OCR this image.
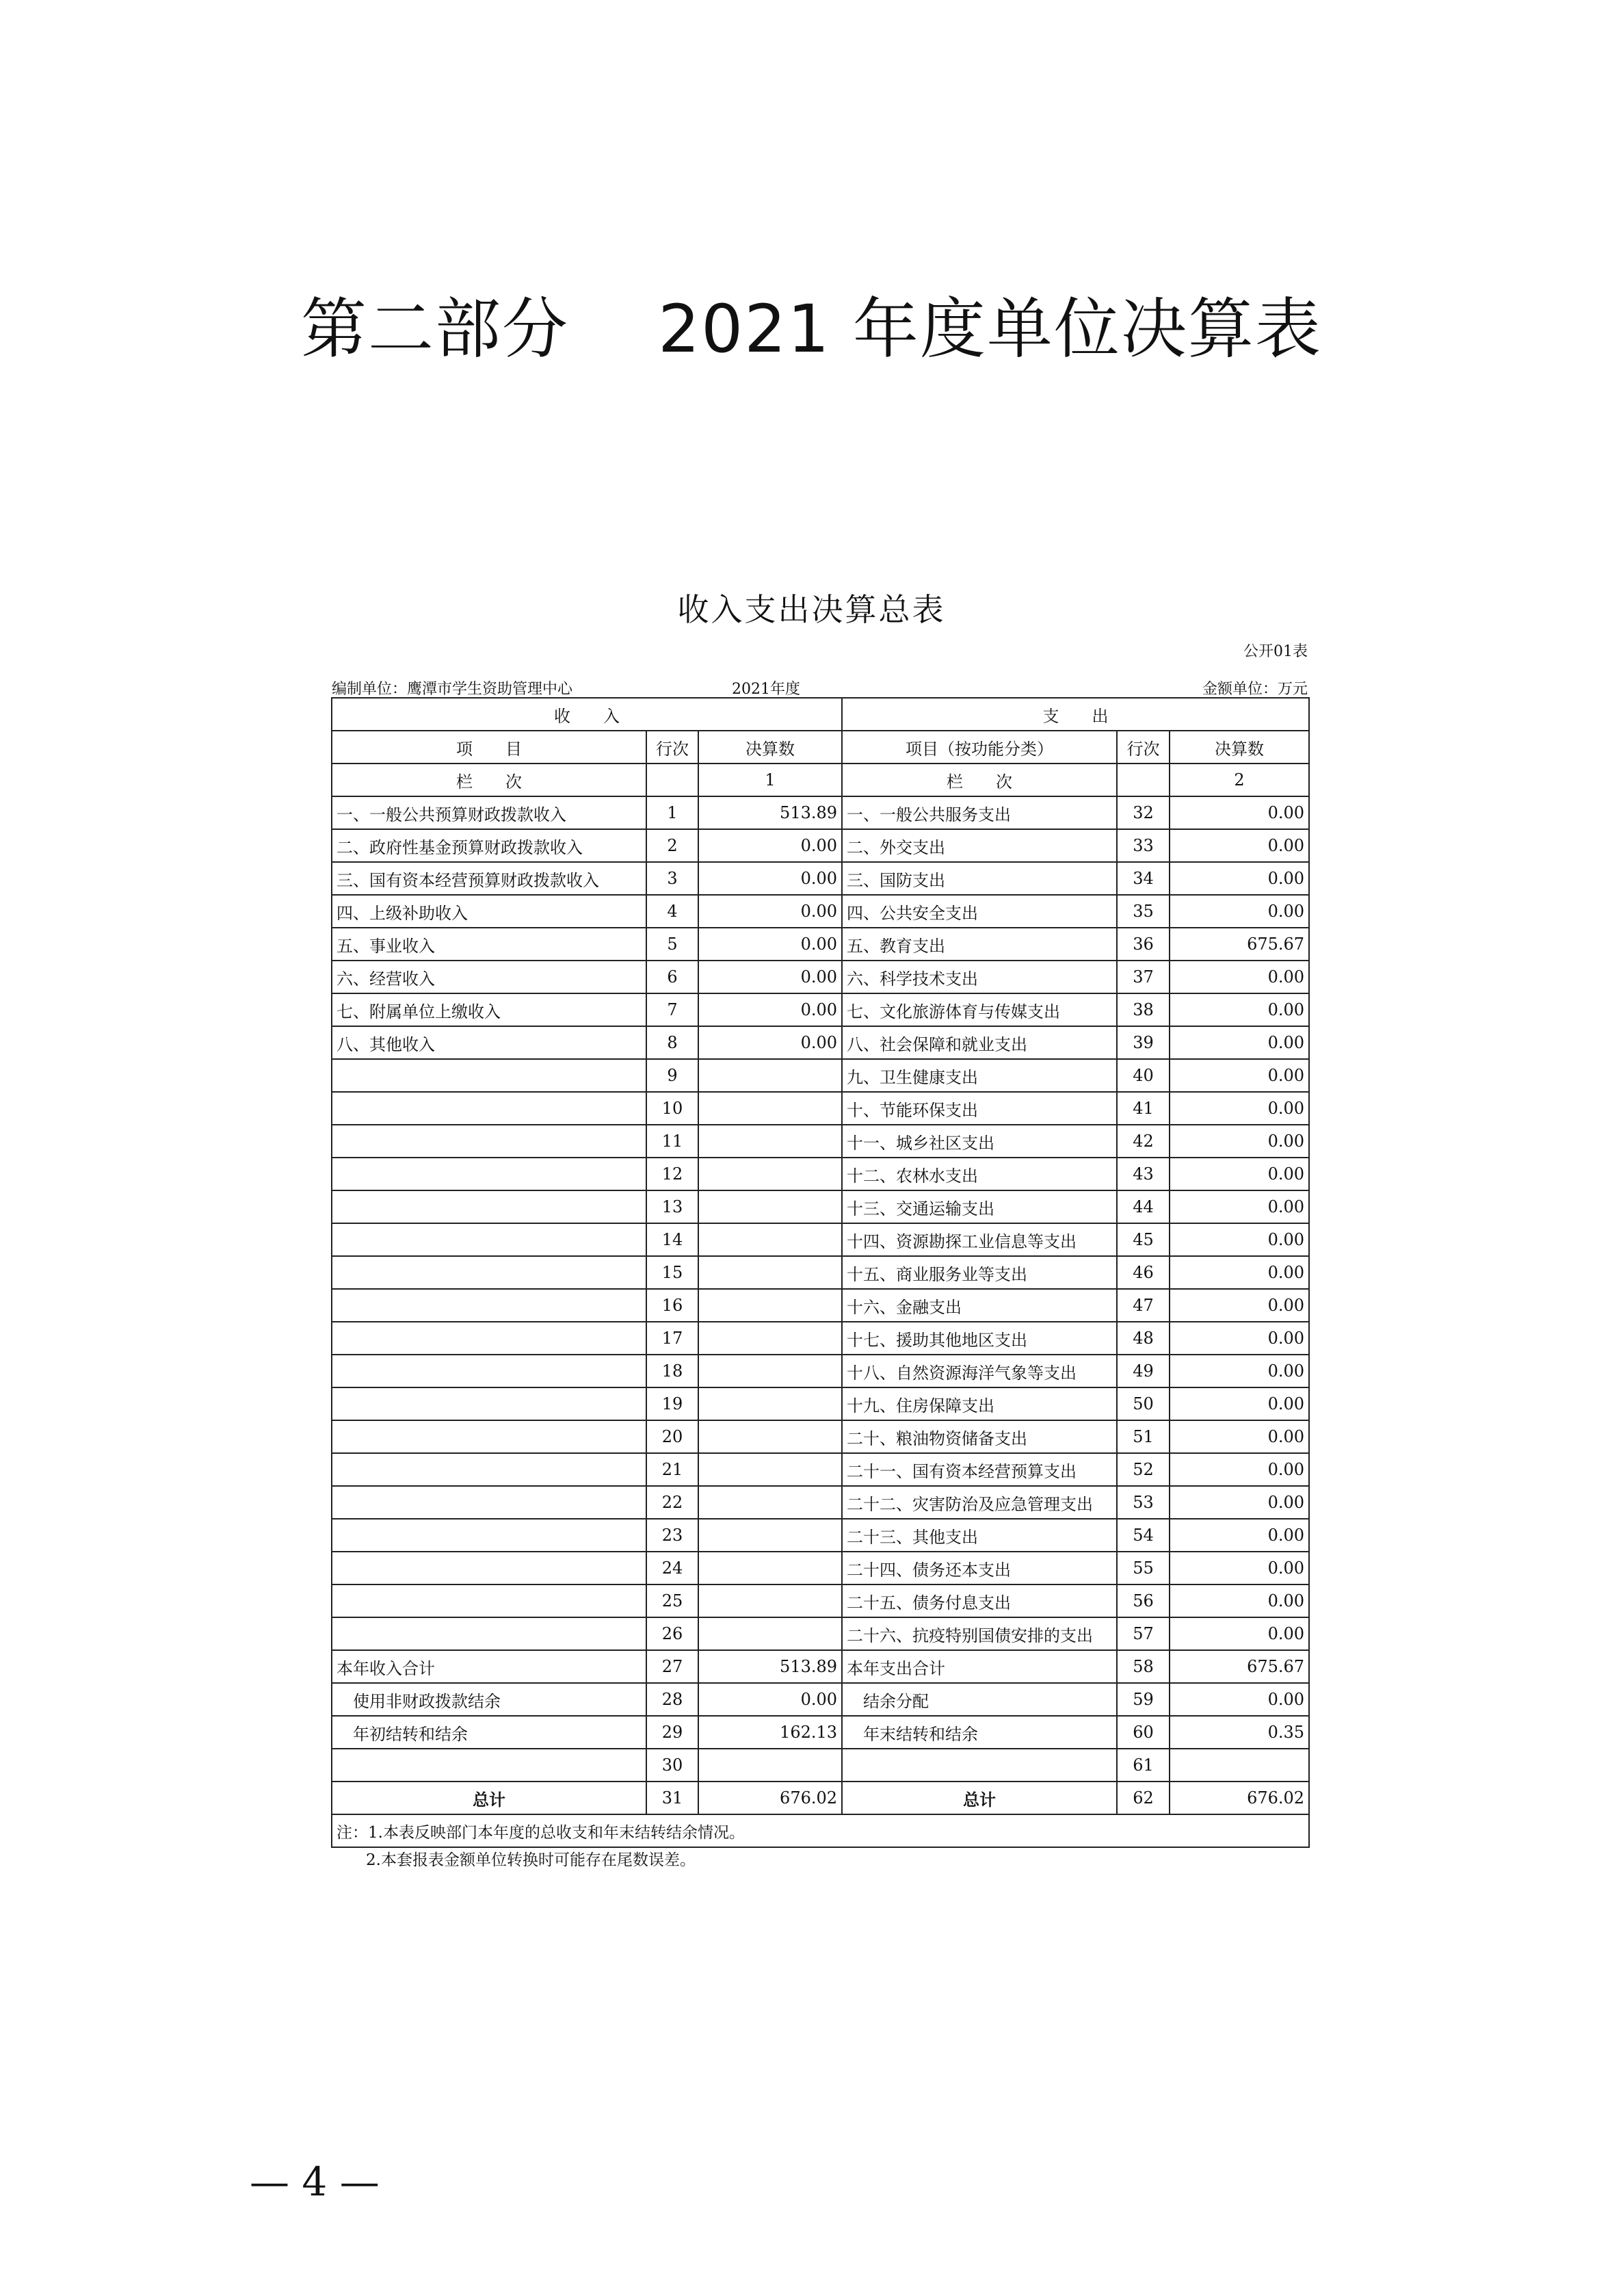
第二部分    2021 年度单位决算表
收入支出决算总表
公开01表
编制单位：鹰潭市学生资助管理中心	2021年度	金额单位：万元
收　　入			支　　出		
项　　目	行次	决算数	项目（按功能分类）	行次	决算数
栏　　次		1	栏　　次		2
一、一般公共预算财政拨款收入	1	513.89	一、一般公共服务支出	32	0.00
二、政府性基金预算财政拨款收入	2	0.00	二、外交支出	33	0.00
三、国有资本经营预算财政拨款收入	3	0.00	三、国防支出	34	0.00
四、上级补助收入	4	0.00	四、公共安全支出	35	0.00
五、事业收入	5	0.00	五、教育支出	36	675.67
六、经营收入	6	0.00	六、科学技术支出	37	0.00
七、附属单位上缴收入	7	0.00	七、文化旅游体育与传媒支出	38	0.00
八、其他收入	8	0.00	八、社会保障和就业支出	39	0.00
	9		九、卫生健康支出	40	0.00
	10		十、节能环保支出	41	0.00
	11		十一、城乡社区支出	42	0.00
	12		十二、农林水支出	43	0.00
	13		十三、交通运输支出	44	0.00
	14		十四、资源勘探工业信息等支出	45	0.00
	15		十五、商业服务业等支出	46	0.00
	16		十六、金融支出	47	0.00
	17		十七、援助其他地区支出	48	0.00
	18		十八、自然资源海洋气象等支出	49	0.00
	19		十九、住房保障支出	50	0.00
	20		二十、粮油物资储备支出	51	0.00
	21		二十一、国有资本经营预算支出	52	0.00
	22		二十二、灾害防治及应急管理支出	53	0.00
	23		二十三、其他支出	54	0.00
	24		二十四、债务还本支出	55	0.00
	25		二十五、债务付息支出	56	0.00
	26		二十六、抗疫特别国债安排的支出	57	0.00
本年收入合计	27	513.89	本年支出合计	58	675.67
使用非财政拨款结余	28	0.00	结余分配	59	0.00
年初结转和结余	29	162.13	年末结转和结余	60	0.35
	30			61	
总计	31	676.02	总计	62	676.02
注：1.本表反映部门本年度的总收支和年末结转结余情况。					
2.本套报表金额单位转换时可能存在尾数误差。
— 4 —
